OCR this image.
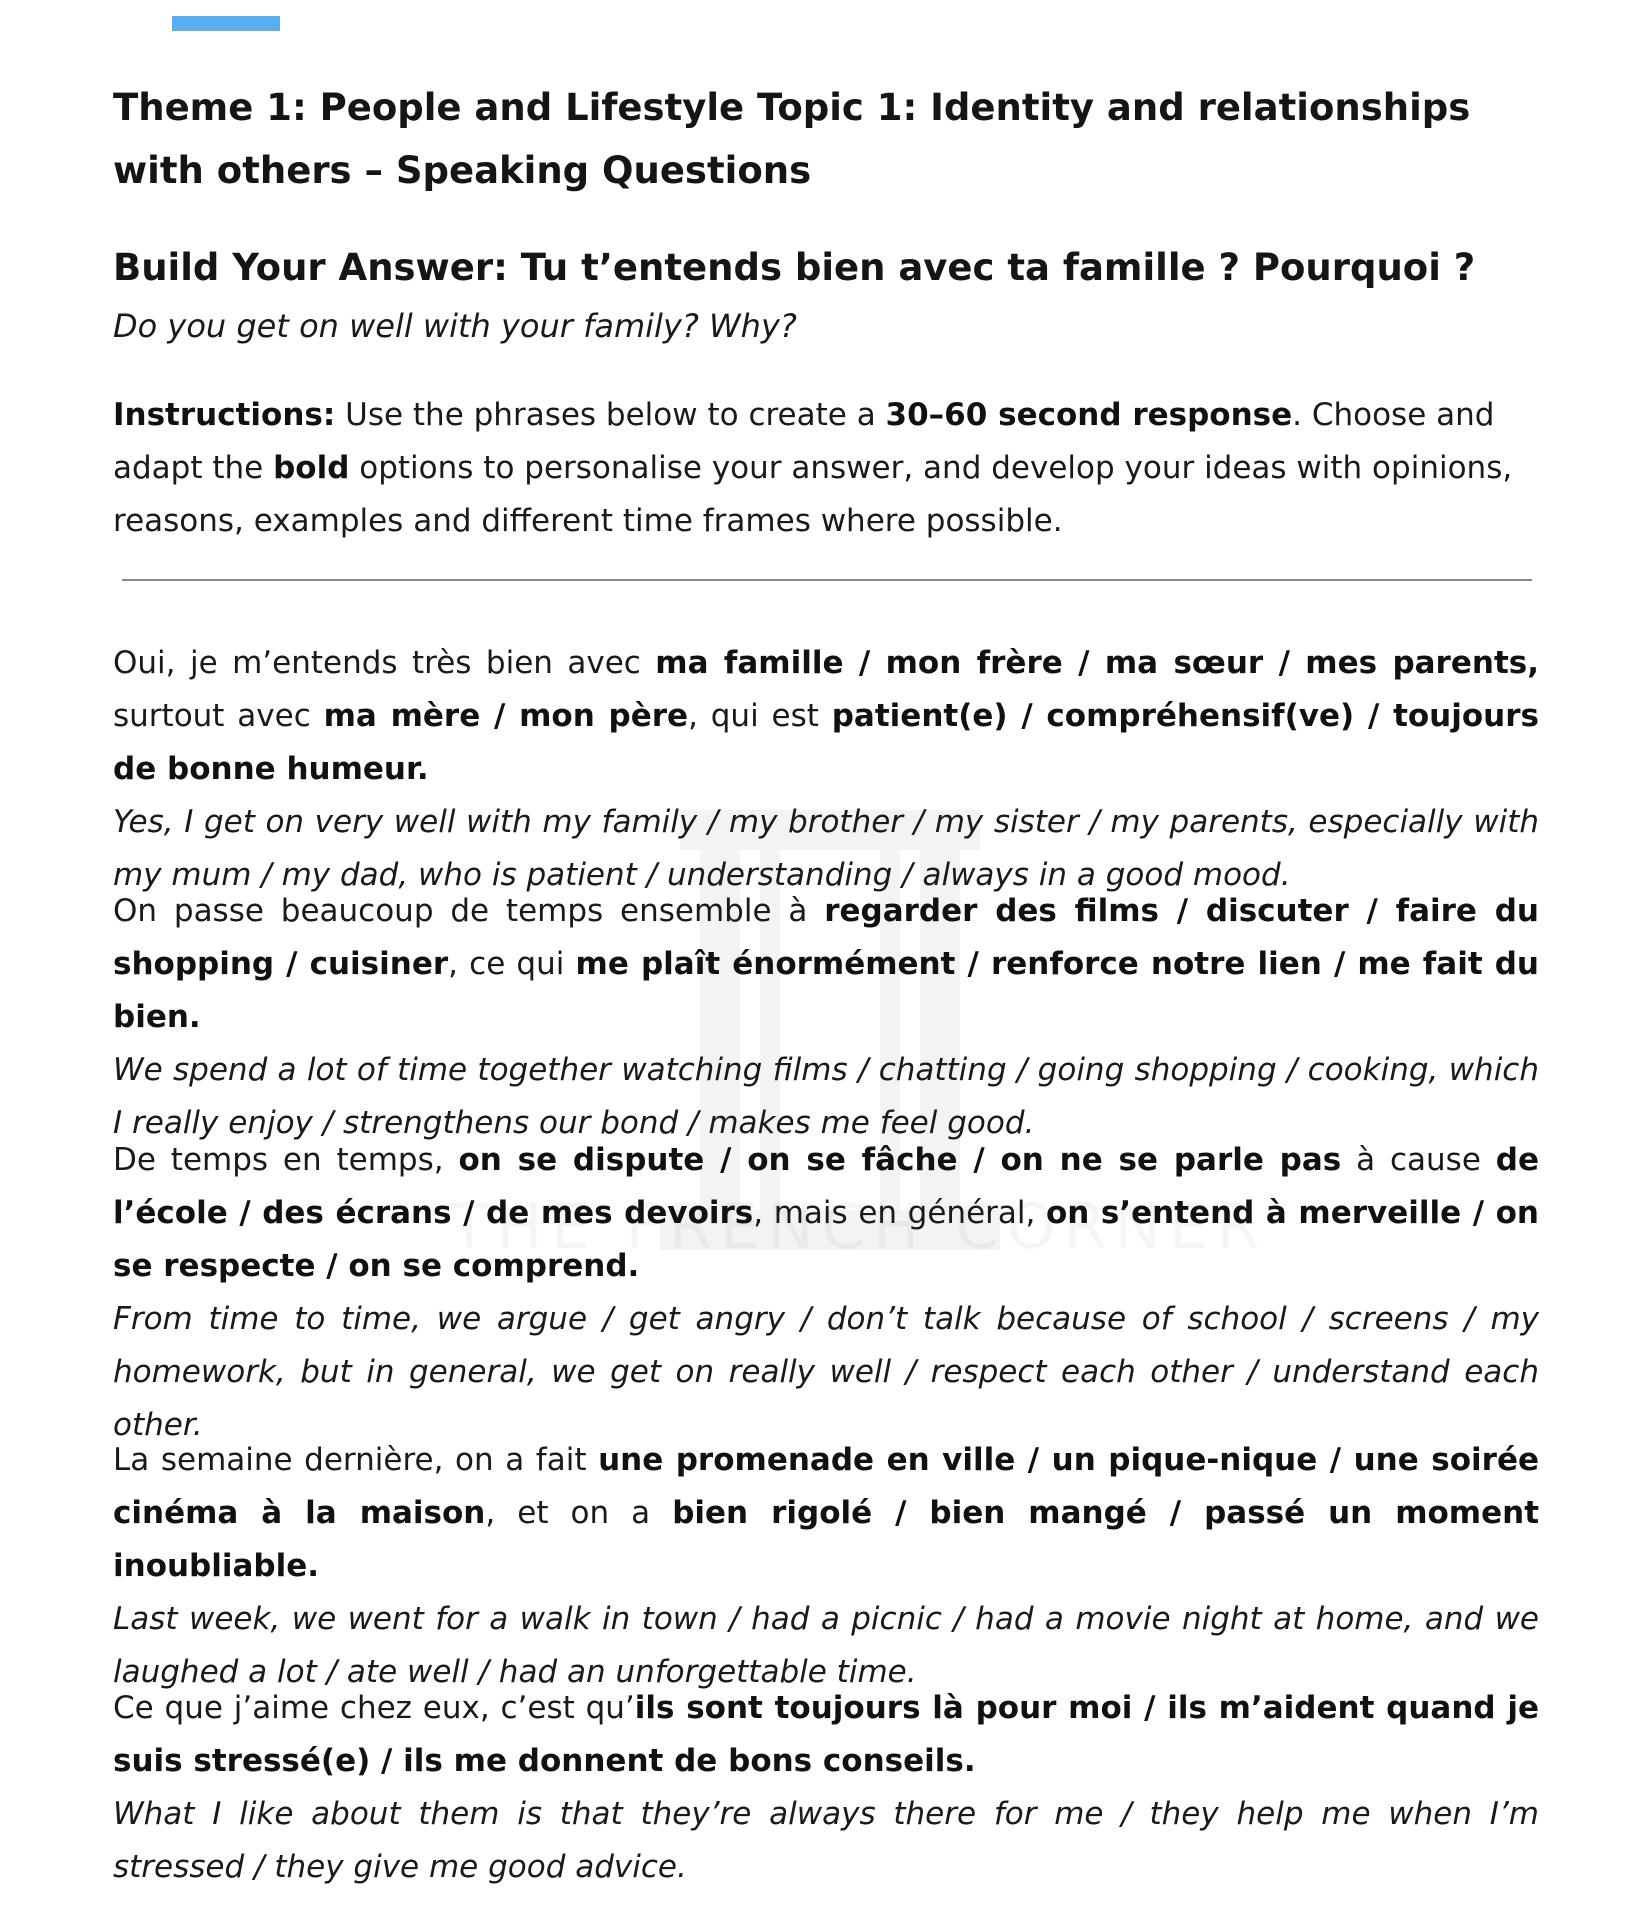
Theme 1: People and Lifestyle Topic 1: Identity and relationships with others – Speaking Questions
Build Your Answer: Tu t’entends bien avec ta famille ? Pourquoi ?
Do you get on well with your family? Why?
Instructions: Use the phrases below to create a 30–60 second response. Choose and adapt the bold options to personalise your answer, and develop your ideas with opinions, reasons, examples and different time frames where possible.

Oui, je m’entends très bien avec ma famille / mon frère / ma sœur / mes parents, surtout avec ma mère / mon père, qui est patient(e) / compréhensif(ve) / toujours de bonne humeur.

Yes, I get on very well with my family / my brother / my sister / my parents, especially with my mum / my dad, who is patient / understanding / always in a good mood.

On passe beaucoup de temps ensemble à regarder des films / discuter / faire du shopping / cuisiner, ce qui me plaît énormément / renforce notre lien / me fait du bien.

We spend a lot of time together watching films / chatting / going shopping / cooking, which I really enjoy / strengthens our bond / makes me feel good.

De temps en temps, on se dispute / on se fâche / on ne se parle pas à cause de l’école / des écrans / de mes devoirs, mais en général, on s’entend à merveille / on se respecte / on se comprend.

From time to time, we argue / get angry / don’t talk because of school / screens / my homework, but in general, we get on really well / respect each other / understand each other.

La semaine dernière, on a fait une promenade en ville / un pique-nique / une soirée cinéma à la maison, et on a bien rigolé / bien mangé / passé un moment inoubliable.

Last week, we went for a walk in town / had a picnic / had a movie night at home, and we laughed a lot / ate well / had an unforgettable time.

Ce que j’aime chez eux, c’est qu’ils sont toujours là pour moi / ils m’aident quand je suis stressé(e) / ils me donnent de bons conseils.

What I like about them is that they’re always there for me / they help me when I’m stressed / they give me good advice.
